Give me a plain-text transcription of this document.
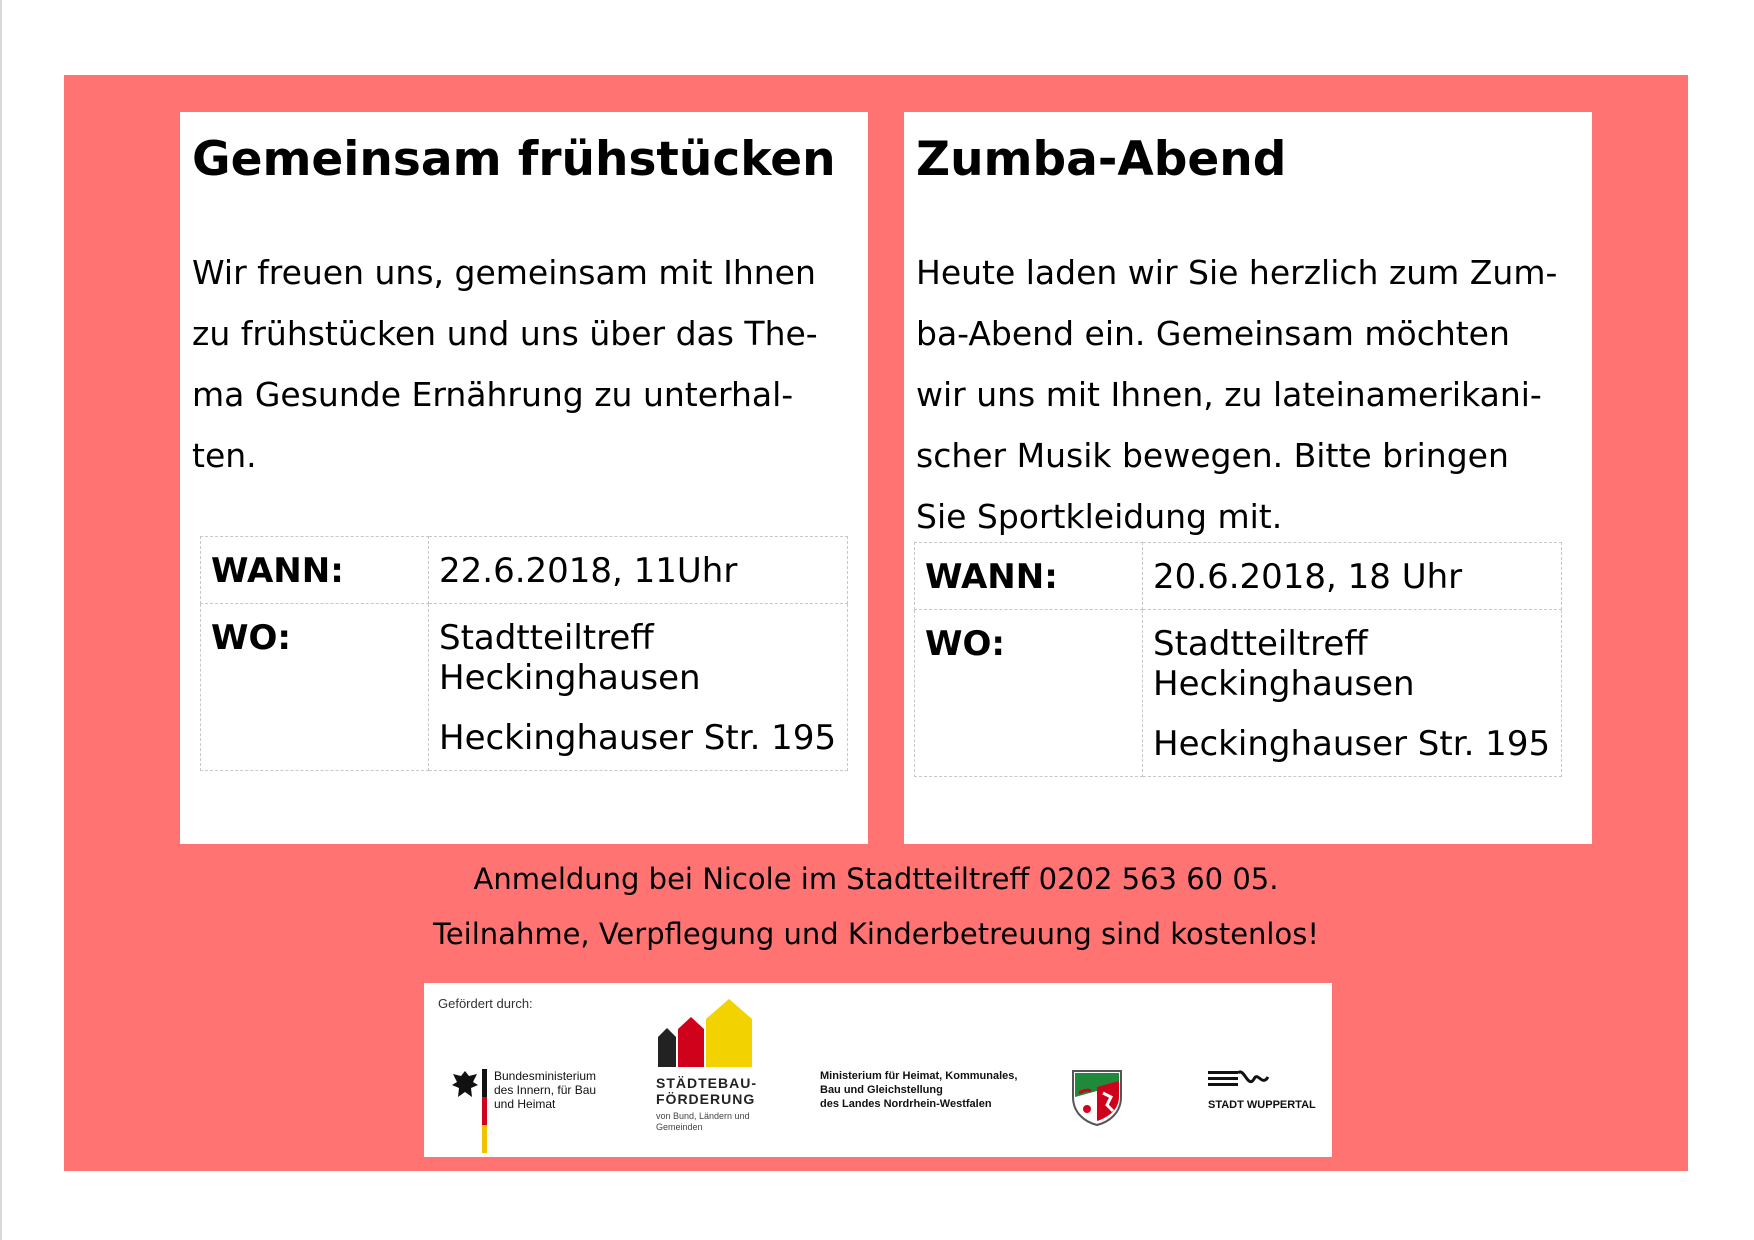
Gemeinsam frühstücken
Wir freuen uns, gemeinsam mit Ihnen
zu frühstücken und uns über das The-
ma Gesunde Ernährung zu unterhal-
ten.
WANN:	22.6.2018, 11Uhr
WO:	Stadtteiltreff
Heckinghausen
Heckinghauser Str. 195
Zumba-Abend
Heute laden wir Sie herzlich zum Zum-
ba-Abend ein. Gemeinsam möchten
wir uns mit Ihnen, zu lateinamerikani-
scher Musik bewegen. Bitte bringen
Sie Sportkleidung mit.
WANN:	20.6.2018, 18 Uhr
WO:	Stadtteiltreff
Heckinghausen
Heckinghauser Str. 195
Anmeldung bei Nicole im Stadtteiltreff 0202 563 60 05.
Teilnahme, Verpflegung und Kinderbetreuung sind kostenlos!
Gefördert durch:
Bundesministerium
des Innern, für Bau
und Heimat
STÄDTEBAU-
FÖRDERUNG
von Bund, Ländern und
Gemeinden
Ministerium für Heimat, Kommunales,
Bau und Gleichstellung
des Landes Nordrhein-Westfalen	STADT WUPPERTAL
